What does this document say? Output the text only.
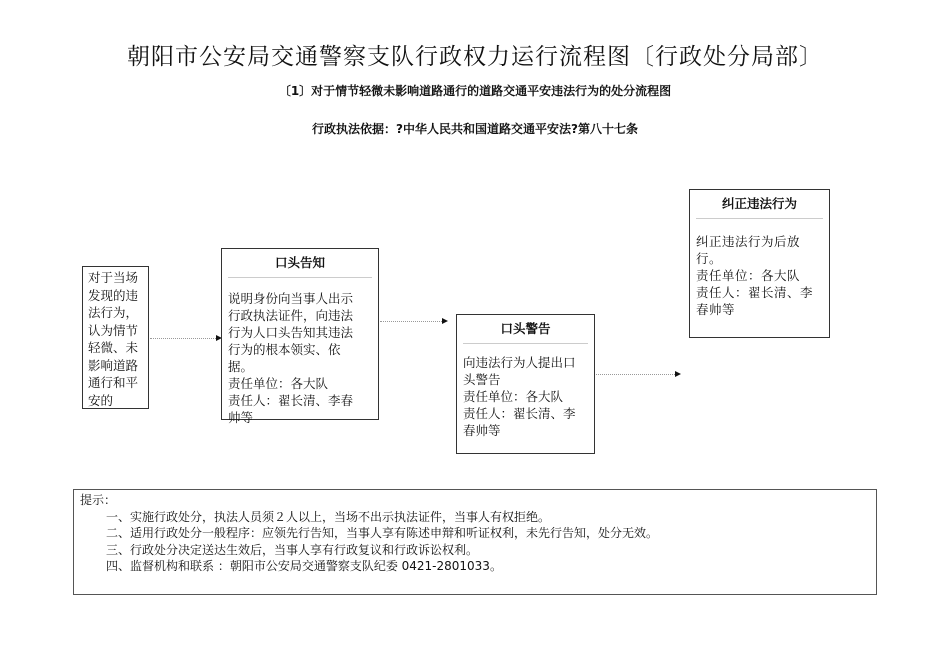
朝阳市公安局交通警察支队行政权力运行流程图〔行政处分局部〕
〔1〕对于情节轻微未影响道路通行的道路交通平安违法行为的处分流程图
行政执法依据：?中华人民共和国道路交通平安法?第八十七条
对于当场
发现的违
法行为，
认为情节
轻微、未
影响道路
通行和平
安的
口头告知
说明身份向当事人出示
行政执法证件，向违法
行为人口头告知其违法
行为的根本领实、依
据。
责任单位：各大队
责任人：翟长清、李春
帅等
口头警告
向违法行为人提出口
头警告
责任单位：各大队
责任人：翟长清、李
春帅等
纠正违法行为
纠正违法行为后放
行。
责任单位：各大队
责任人：翟长清、李
春帅等
提示：
一、实施行政处分，执法人员须２人以上，当场不出示执法证件，当事人有权拒绝。
二、适用行政处分一般程序：应领先行告知，当事人享有陈述申辩和听证权利，未先行告知，处分无效。
三、行政处分决定送达生效后，当事人享有行政复议和行政诉讼权利。
四、监督机构和联系 ：朝阳市公安局交通警察支队纪委 0421-2801033。
